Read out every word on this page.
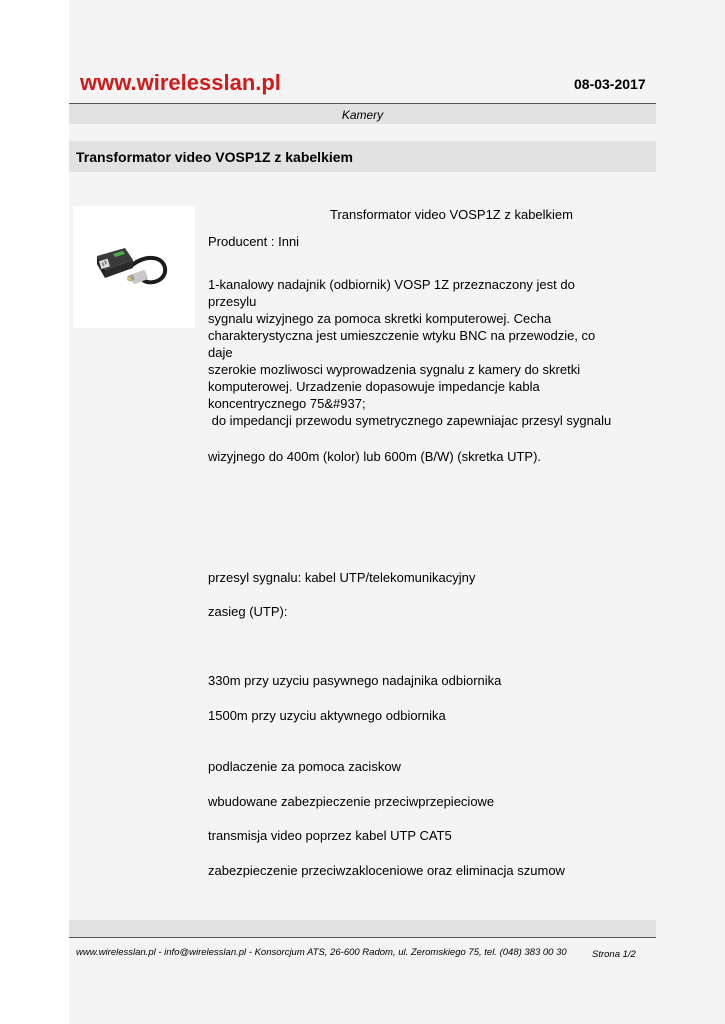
www.wirelesslan.pl	08-03-2017
Kamery
Transformator video VOSP1Z z kabelkiem
Transformator video VOSP1Z z kabelkiem
Producent : Inni
1-kanalowy nadajnik (odbiornik) VOSP 1Z przeznaczony jest do
przesylu
sygnalu wizyjnego za pomoca skretki komputerowej. Cecha
charakterystyczna jest umieszczenie wtyku BNC na przewodzie, co
daje
szerokie mozliwosci wyprowadzenia sygnalu z kamery do skretki
komputerowej. Urzadzenie dopasowuje impedancje kabla
koncentrycznego 75&#937;
do impedancji przewodu symetrycznego zapewniajac przesyl sygnalu
wizyjnego do 400m (kolor) lub 600m (B/W) (skretka UTP).
przesyl sygnalu: kabel UTP/telekomunikacyjny
zasieg (UTP):
330m przy uzyciu pasywnego nadajnika odbiornika
1500m przy uzyciu aktywnego odbiornika
podlaczenie za pomoca zaciskow
wbudowane zabezpieczenie przeciwprzepieciowe
transmisja video poprzez kabel UTP CAT5
zabezpieczenie przeciwzakloceniowe oraz eliminacja szumow
www.wirelesslan.pl - info@wirelesslan.pl - Konsorcjum ATS, 26-600 Radom, ul. Zeromskiego 75, tel. (048) 383 00 30	Strona 1/2
